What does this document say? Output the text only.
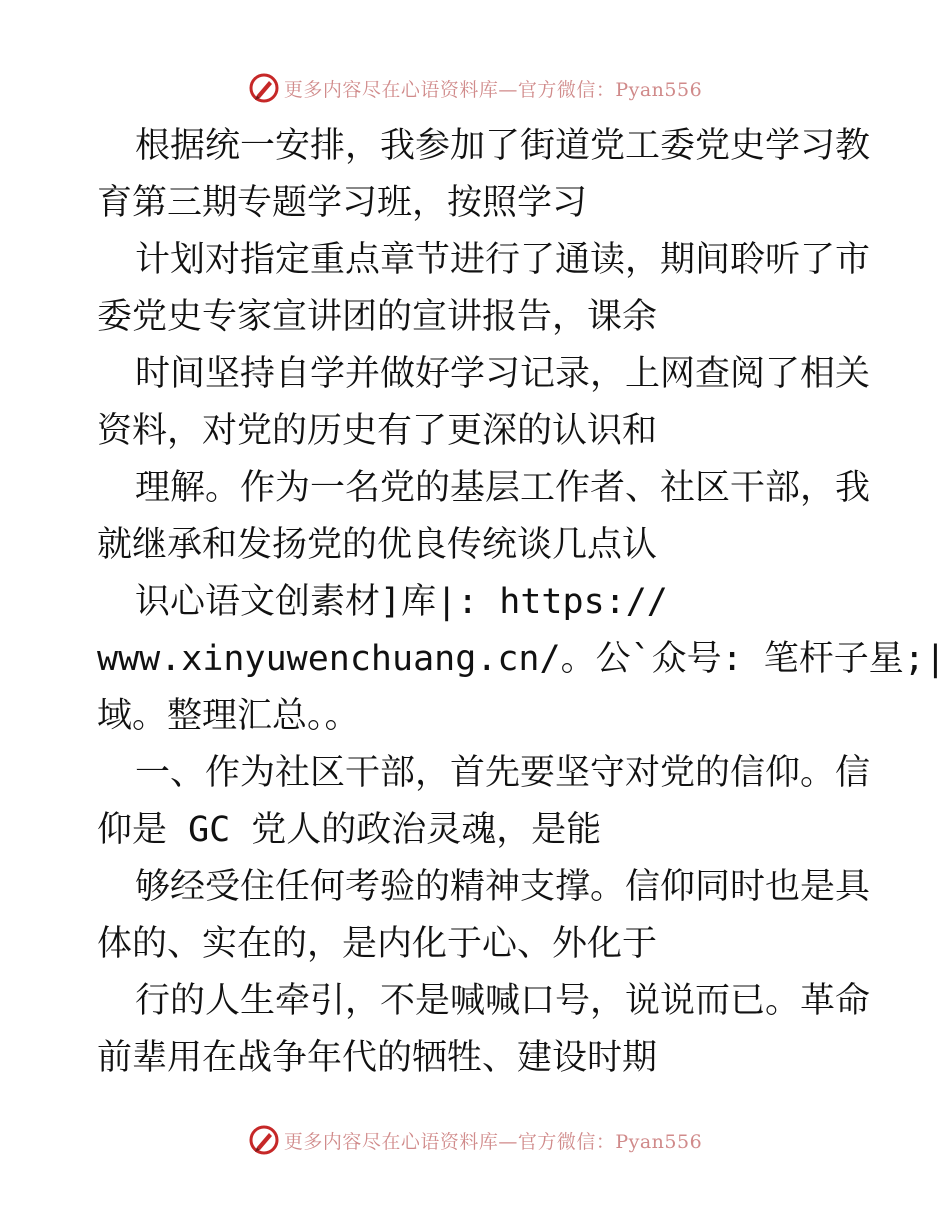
更多内容尽在心语资料库—官方微信：Pyan556
根据统一安排，我参加了街道党工委党史学习教
育第三期专题学习班，按照学习
计划对指定重点章节进行了通读，期间聆听了市
委党史专家宣讲团的宣讲报告，课余
时间坚持自学并做好学习记录，上网查阅了相关
资料，对党的历史有了更深的认识和
理解。作为一名党的基层工作者、社区干部，我
就继承和发扬党的优良传统谈几点认
识心语文创素材]库|: https://
www.xinyuwenchuang.cn/。公`众号: 笔杆子星;|
域。整理汇总。。
一、作为社区干部，首先要坚守对党的信仰。信
仰是 GC 党人的政治灵魂，是能
够经受住任何考验的精神支撑。信仰同时也是具
体的、实在的，是内化于心、外化于
行的人生牵引，不是喊喊口号，说说而已。革命
前辈用在战争年代的牺牲、建设时期
更多内容尽在心语资料库—官方微信：Pyan556
